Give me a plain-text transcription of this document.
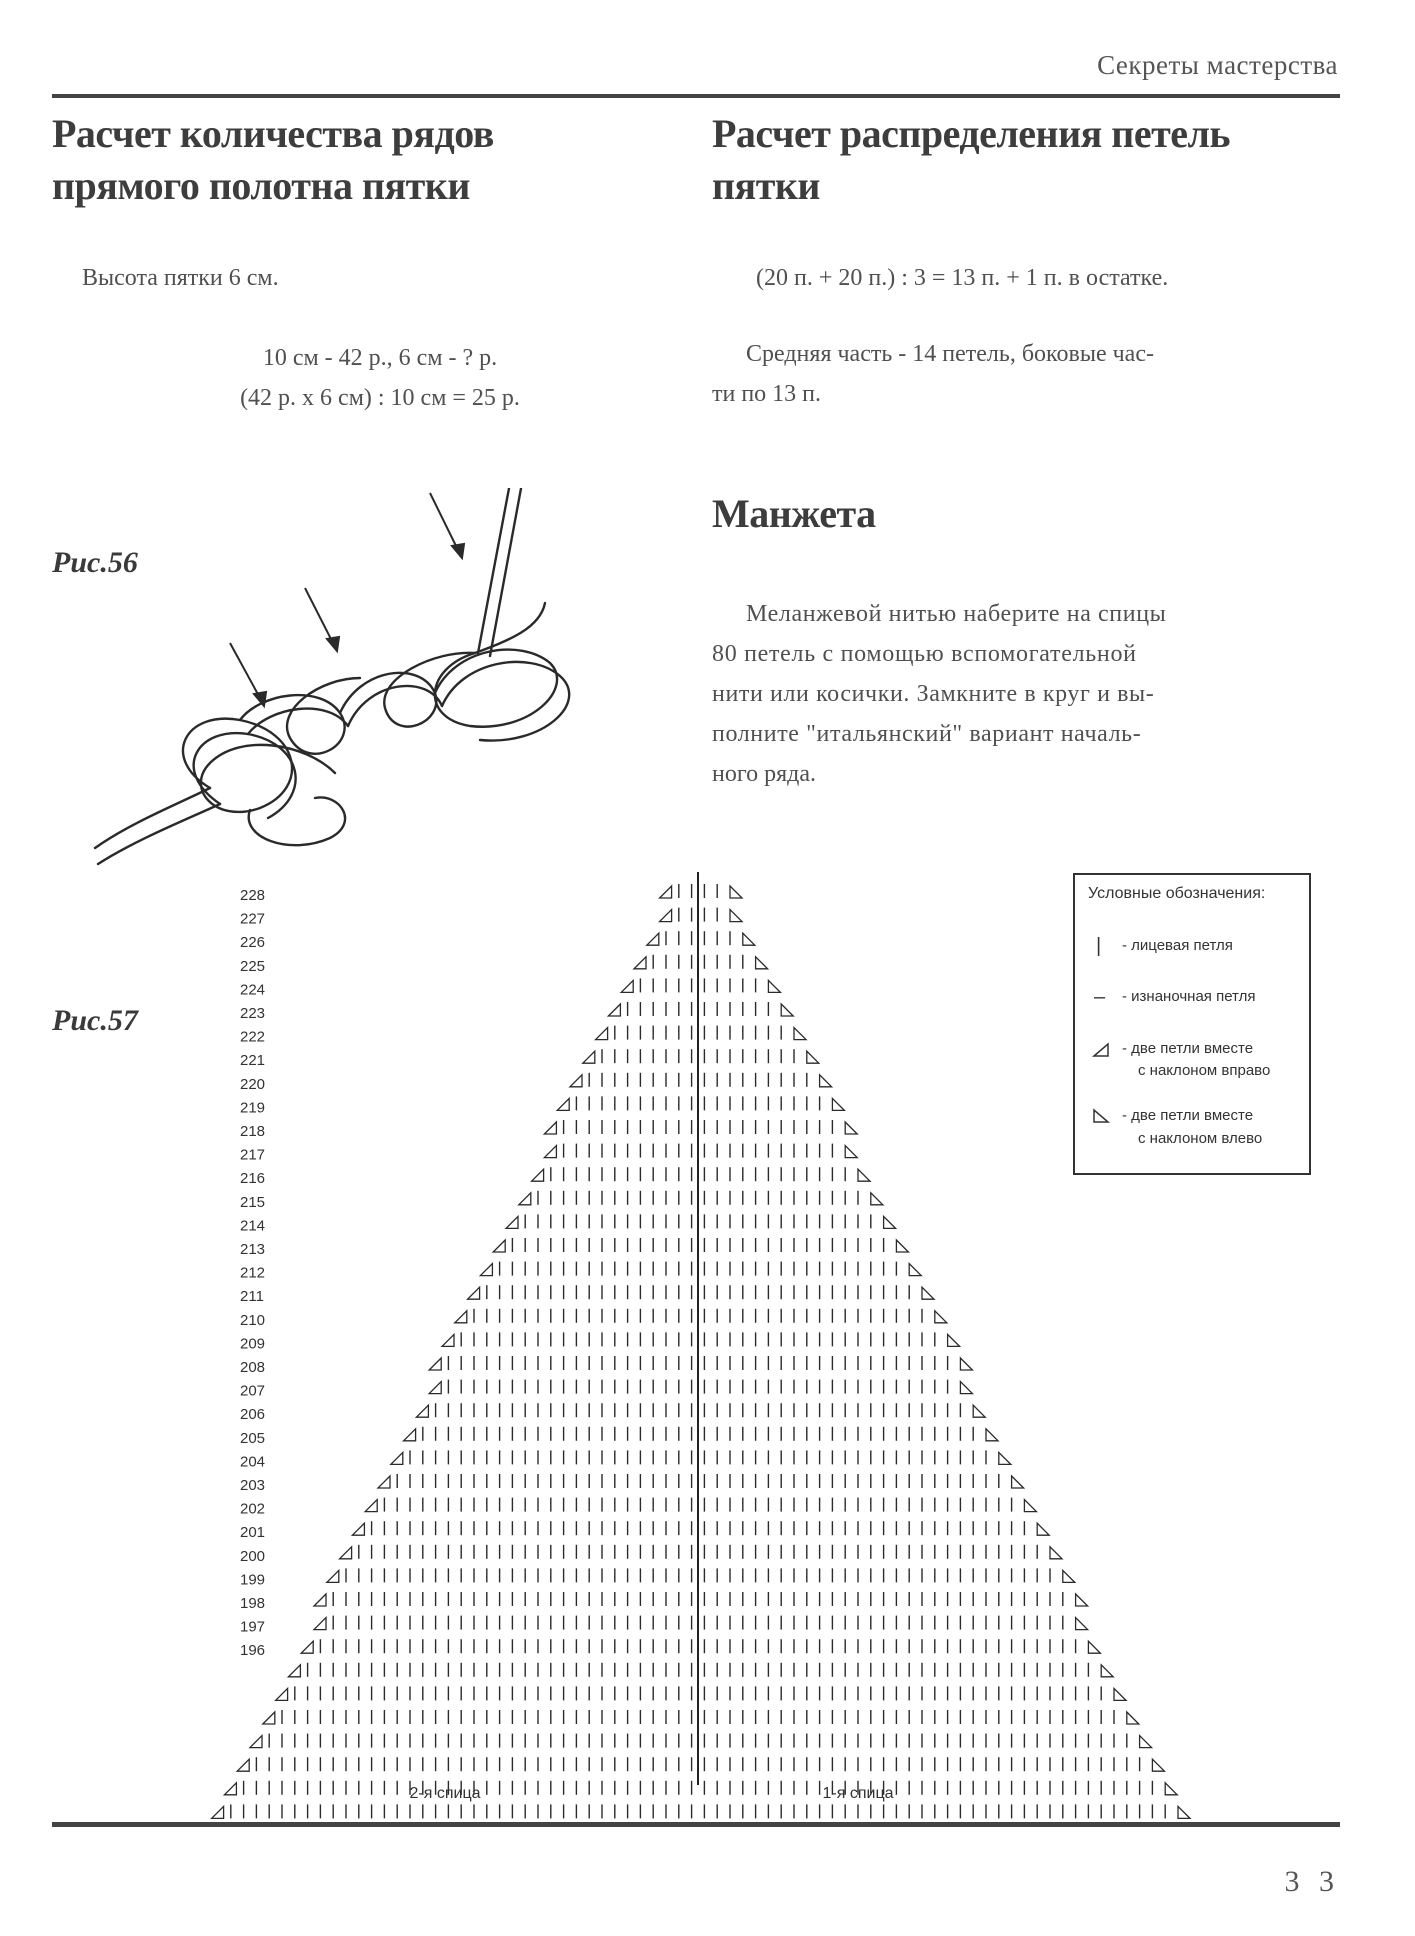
Секреты мастерства
Расчет количества рядов
прямого полотна пятки

Высота пятки 6 см.

10 см - 42 р., 6 см - ? р.

(42 р. х 6 см) : 10 см = 25 р.

Расчет распределения петель
пятки

(20 п. + 20 п.) : 3 = 13 п. + 1 п. в остатке.

Средняя часть - 14 петель, боковые час-

ти по 13 п.

Манжета

Меланжевой нитью наберите на спицы

80 петель с помощью вспомогательной

нити или косички. Замкните в круг и вы-

полните "итальянский" вариант началь-

ного ряда.

Рис.56
Рис.57
228
227
226
225
224
223
222
221
220
219
218
217
216
215
214
213
212
211
210
209
208
207
206
205
204
203
202
201
200
199
198
197
196
2-я спица	1-я спица
Условные обозначения:
| - лицевая петля
– - изнаночная петля
- две петли вместе
с наклоном вправо
- две петли вместе
с наклоном влево
3 3
